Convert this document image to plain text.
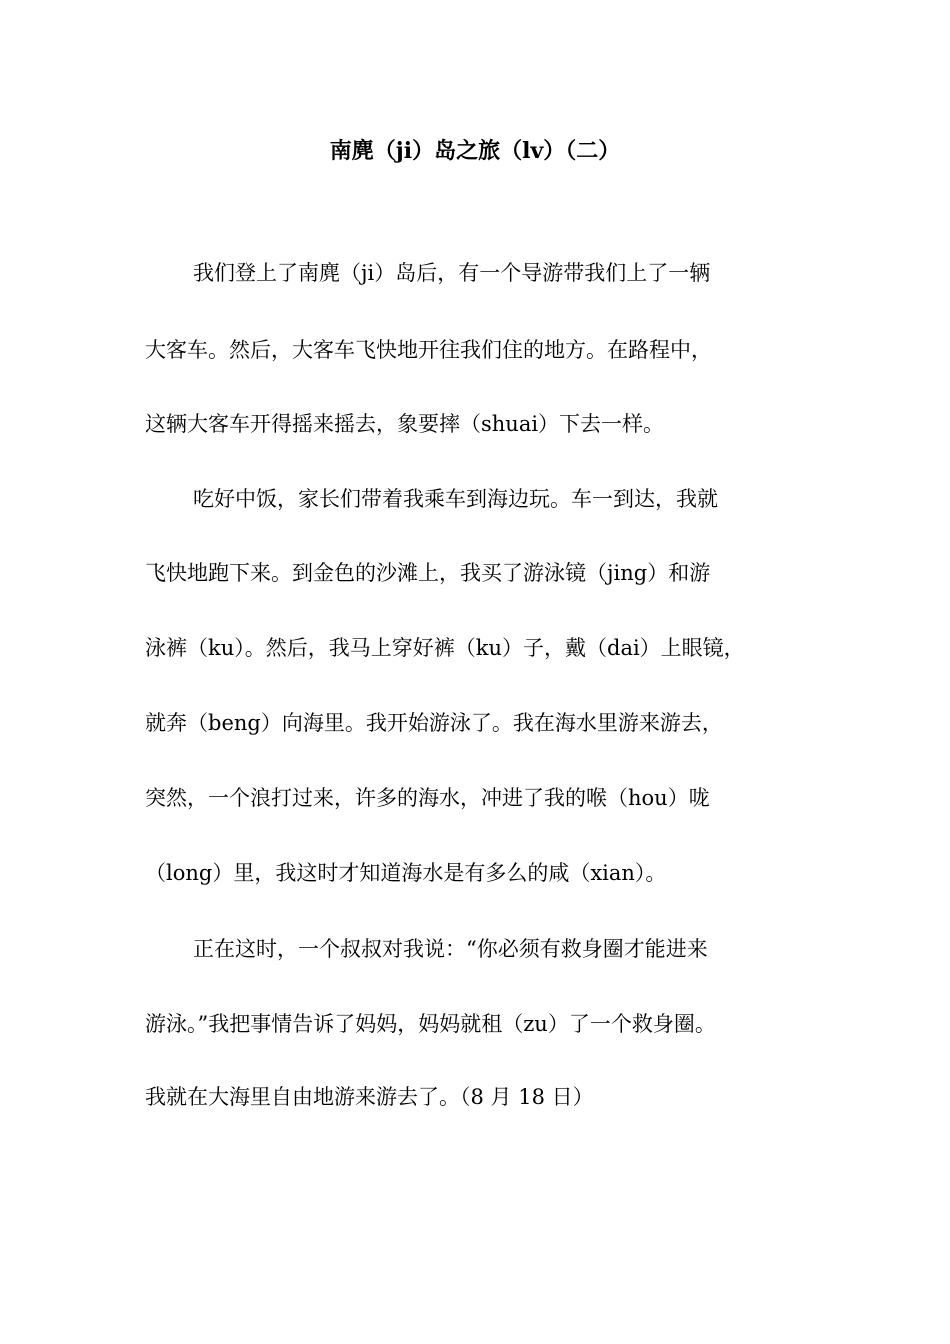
南麂（ji）岛之旅（lv）（二）
我们登上了南麂（ji）岛后，有一个导游带我们上了一辆
大客车。然后，大客车飞快地开往我们住的地方。在路程中，
这辆大客车开得摇来摇去，象要摔（shuai）下去一样。
吃好中饭，家长们带着我乘车到海边玩。车一到达，我就
飞快地跑下来。到金色的沙滩上，我买了游泳镜（jing）和游
泳裤（ku）。然后，我马上穿好裤（ku）子，戴（dai）上眼镜，
就奔（beng）向海里。我开始游泳了。我在海水里游来游去，
突然，一个浪打过来，许多的海水，冲进了我的喉（hou）咙
（long）里，我这时才知道海水是有多么的咸（xian）。
正在这时，一个叔叔对我说：“你必须有救身圈才能进来
游泳。”我把事情告诉了妈妈，妈妈就租（zu）了一个救身圈。
我就在大海里自由地游来游去了。（8 月 18 日）
